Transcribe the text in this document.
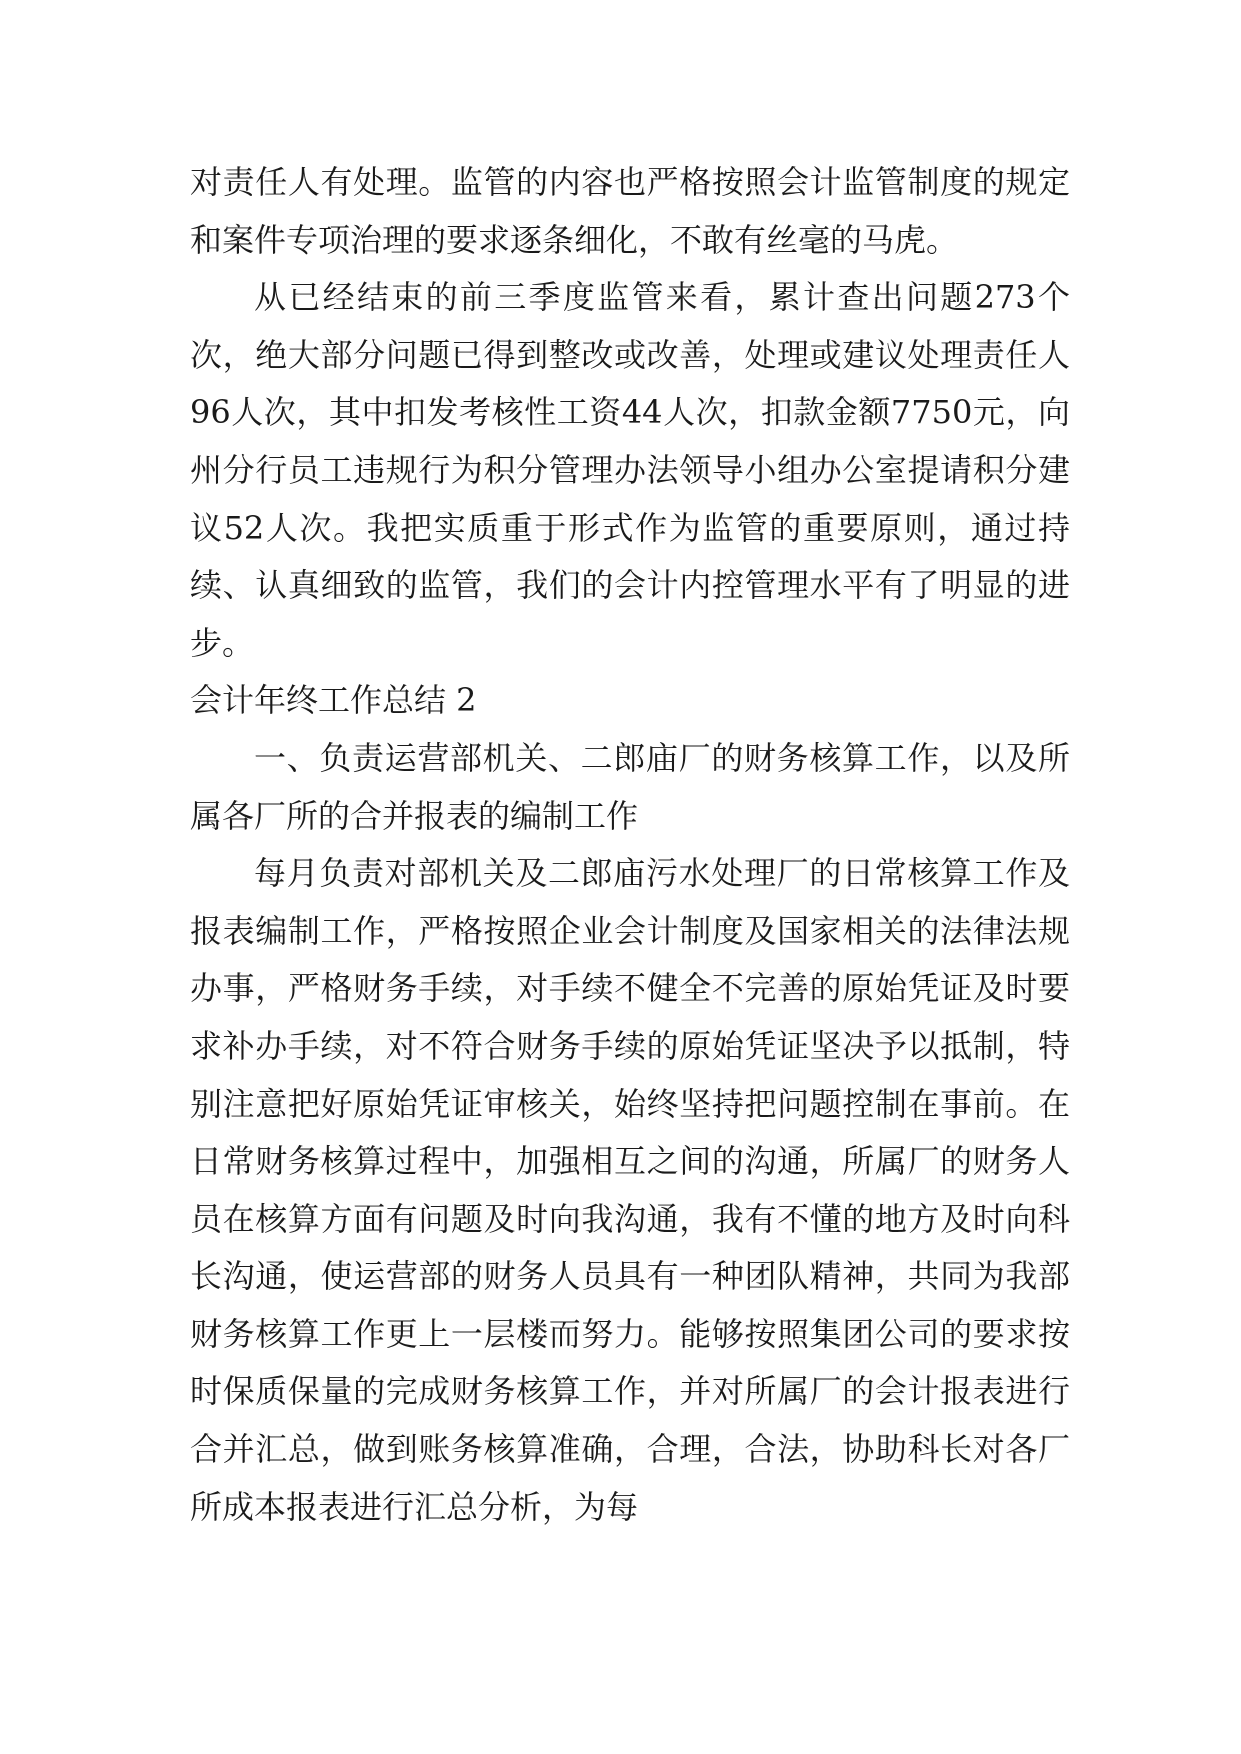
对责任人有处理。监管的内容也严格按照会计监管制度的规定和案件专项治理的要求逐条细化，不敢有丝毫的马虎。

从已经结束的前三季度监管来看，累计查出问题273个次，绝大部分问题已得到整改或改善，处理或建议处理责任人96人次，其中扣发考核性工资44人次，扣款金额7750元，向州分行员工违规行为积分管理办法领导小组办公室提请积分建议52人次。我把实质重于形式作为监管的重要原则，通过持续、认真细致的监管，我们的会计内控管理水平有了明显的进步。

会计年终工作总结 2

一、负责运营部机关、二郎庙厂的财务核算工作，以及所属各厂所的合并报表的编制工作

每月负责对部机关及二郎庙污水处理厂的日常核算工作及报表编制工作，严格按照企业会计制度及国家相关的法律法规办事，严格财务手续，对手续不健全不完善的原始凭证及时要求补办手续，对不符合财务手续的原始凭证坚决予以抵制，特别注意把好原始凭证审核关，始终坚持把问题控制在事前。在日常财务核算过程中，加强相互之间的沟通，所属厂的财务人员在核算方面有问题及时向我沟通，我有不懂的地方及时向科长沟通，使运营部的财务人员具有一种团队精神，共同为我部财务核算工作更上一层楼而努力。能够按照集团公司的要求按时保质保量的完成财务核算工作，并对所属厂的会计报表进行合并汇总，做到账务核算准确，合理，合法，协助科长对各厂所成本报表进行汇总分析，为每
